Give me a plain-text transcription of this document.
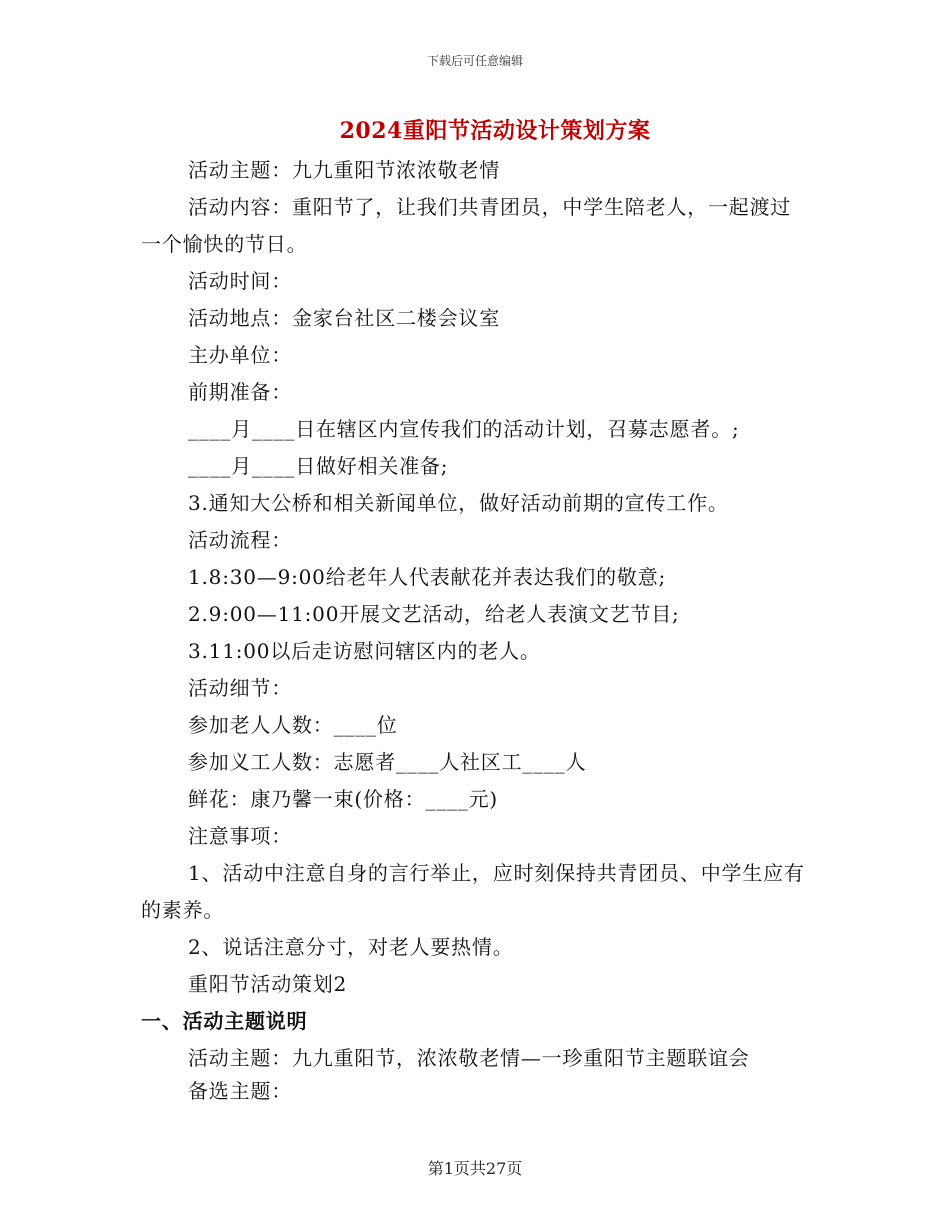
下载后可任意编辑
2024重阳节活动设计策划方案

活动主题：九九重阳节浓浓敬老情

活动内容：重阳节了，让我们共青团员，中学生陪老人，一起渡过一个愉快的节日。

活动时间：

活动地点：金家台社区二楼会议室

主办单位：

前期准备：

____月____日在辖区内宣传我们的活动计划，召募志愿者。;

____月____日做好相关准备;

3.通知大公桥和相关新闻单位，做好活动前期的宣传工作。

活动流程：

1.8:30—9:00给老年人代表献花并表达我们的敬意;

2.9:00—11:00开展文艺活动，给老人表演文艺节目;

3.11:00以后走访慰问辖区内的老人。

活动细节：

参加老人人数：____位

参加义工人数：志愿者____人社区工____人

鲜花：康乃馨一束(价格：____元)

注意事项：

1、活动中注意自身的言行举止，应时刻保持共青团员、中学生应有的素养。

2、说话注意分寸，对老人要热情。

重阳节活动策划2

一、活动主题说明

活动主题：九九重阳节，浓浓敬老情—一珍重阳节主题联谊会

备选主题：

第1页共27页
